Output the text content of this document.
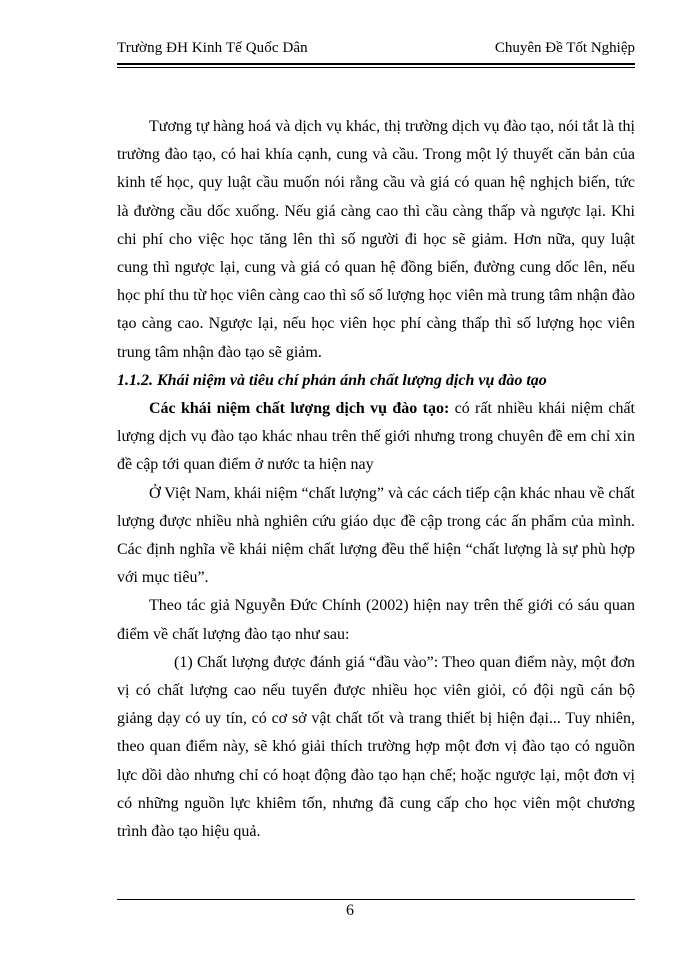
Trường ĐH Kinh Tế Quốc Dân	Chuyên Đề Tốt Nghiệp

Tương tự hàng hoá và dịch vụ khác, thị trường dịch vụ đào tạo, nói tắt là thị trường đào tạo, có hai khía cạnh, cung và cầu. Trong một lý thuyết căn bản của kinh tế học, quy luật cầu muốn nói rằng cầu và giá có quan hệ nghịch biến, tức là đường cầu dốc xuống. Nếu giá càng cao thì cầu càng thấp và ngược lại. Khi chi phí cho việc học tăng lên thì số người đi học sẽ giảm. Hơn nữa, quy luật cung thì ngược lại, cung và giá có quan hệ đồng biến, đường cung dốc lên, nếu học phí thu từ học viên càng cao thì số số lượng học viên mà trung tâm nhận đào tạo càng cao. Ngược lại, nếu học viên học phí càng thấp thì số lượng học viên trung tâm nhận đào tạo sẽ giảm.

1.1.2. Khái niệm và tiêu chí phản ánh chất lượng dịch vụ đào tạo

Các khái niệm chất lượng dịch vụ đào tạo: có rất nhiều khái niệm chất lượng dịch vụ đào tạo khác nhau trên thế giới nhưng trong chuyên đề em chỉ xin đề cập tới quan điểm ở nước ta hiện nay

Ở Việt Nam, khái niệm “chất lượng” và các cách tiếp cận khác nhau về chất lượng được nhiều nhà nghiên cứu giáo dục đề cập trong các ấn phẩm của mình. Các định nghĩa về khái niệm chất lượng đều thể hiện “chất lượng là sự phù hợp với mục tiêu”.

Theo tác giả Nguyễn Đức Chính (2002) hiện nay trên thế giới có sáu quan điểm về chất lượng đào tạo như sau:

(1) Chất lượng được đánh giá “đầu vào”: Theo quan điểm này, một đơn vị có chất lượng cao nếu tuyển được nhiều học viên giỏi, có đội ngũ cán bộ giảng dạy có uy tín, có cơ sở vật chất tốt và trang thiết bị hiện đại... Tuy nhiên, theo quan điểm này, sẽ khó giải thích trường hợp một đơn vị đào tạo có nguồn lực dồi dào nhưng chỉ có hoạt động đào tạo hạn chế; hoặc ngược lại, một đơn vị có những nguồn lực khiêm tốn, nhưng đã cung cấp cho học viên một chương trình đào tạo hiệu quả.

6
